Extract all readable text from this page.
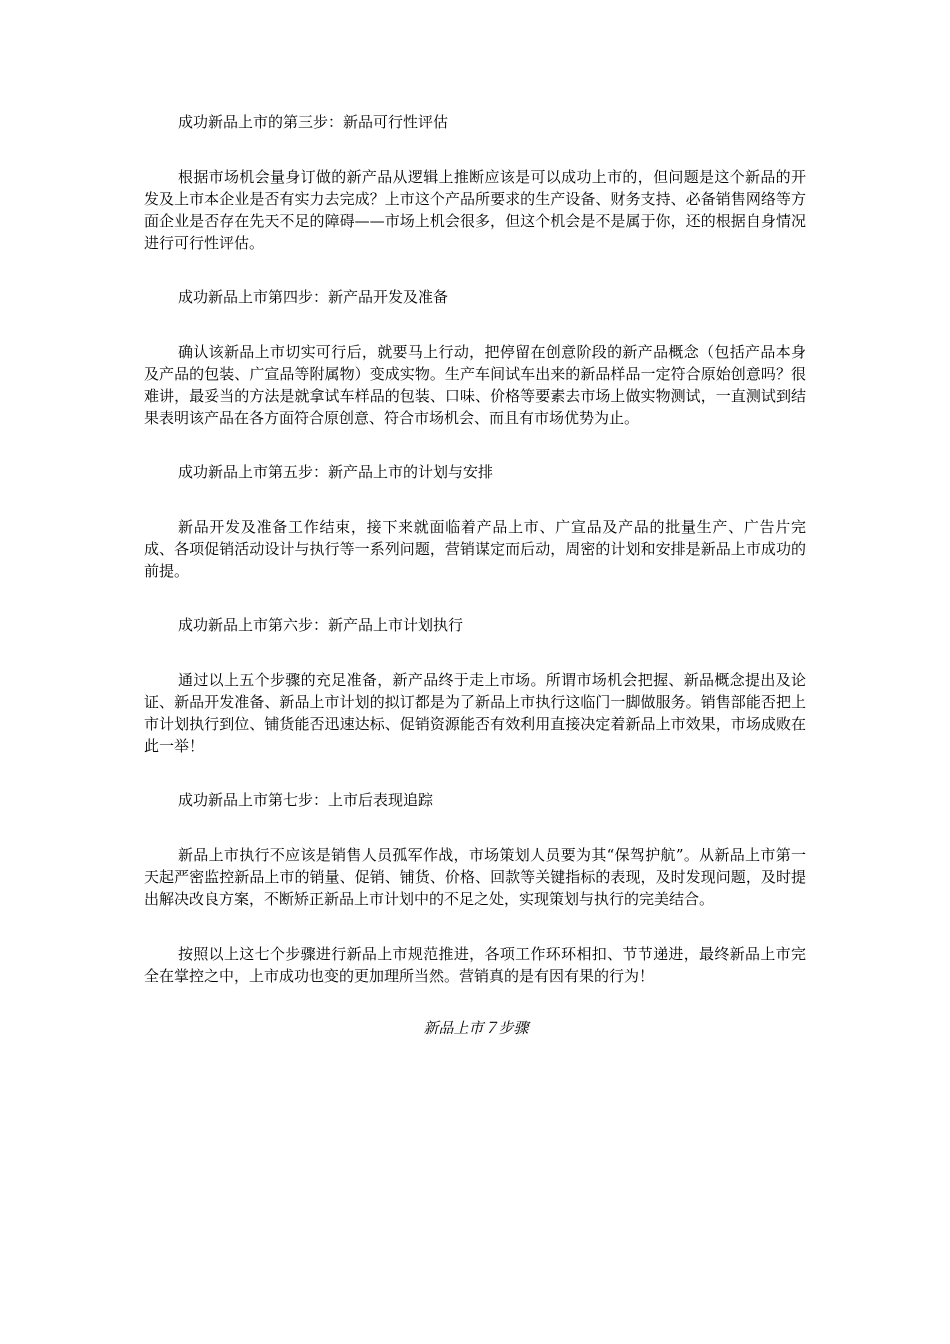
成功新品上市的第三步：新品可行性评估

根据市场机会量身订做的新产品从逻辑上推断应该是可以成功上市的，但问题是这个新品的开发及上市本企业是否有实力去完成？上市这个产品所要求的生产设备、财务支持、必备销售网络等方面企业是否存在先天不足的障碍——市场上机会很多，但这个机会是不是属于你，还的根据自身情况进行可行性评估。

成功新品上市第四步：新产品开发及准备

确认该新品上市切实可行后，就要马上行动，把停留在创意阶段的新产品概念（包括产品本身及产品的包装、广宣品等附属物）变成实物。生产车间试车出来的新品样品一定符合原始创意吗？很难讲，最妥当的方法是就拿试车样品的包装、口味、价格等要素去市场上做实物测试，一直测试到结果表明该产品在各方面符合原创意、符合市场机会、而且有市场优势为止。

成功新品上市第五步：新产品上市的计划与安排

新品开发及准备工作结束，接下来就面临着产品上市、广宣品及产品的批量生产、广告片完成、各项促销活动设计与执行等一系列问题，营销谋定而后动，周密的计划和安排是新品上市成功的前提。

成功新品上市第六步：新产品上市计划执行

通过以上五个步骤的充足准备，新产品终于走上市场。所谓市场机会把握、新品概念提出及论证、新品开发准备、新品上市计划的拟订都是为了新品上市执行这临门一脚做服务。销售部能否把上市计划执行到位、铺货能否迅速达标、促销资源能否有效利用直接决定着新品上市效果，市场成败在此一举！

成功新品上市第七步：上市后表现追踪

新品上市执行不应该是销售人员孤军作战，市场策划人员要为其“保驾护航”。从新品上市第一天起严密监控新品上市的销量、促销、铺货、价格、回款等关键指标的表现，及时发现问题，及时提出解决改良方案，不断矫正新品上市计划中的不足之处，实现策划与执行的完美结合。

按照以上这七个步骤进行新品上市规范推进，各项工作环环相扣、节节递进，最终新品上市完全在掌控之中，上市成功也变的更加理所当然。营销真的是有因有果的行为！

新品上市７步骤
